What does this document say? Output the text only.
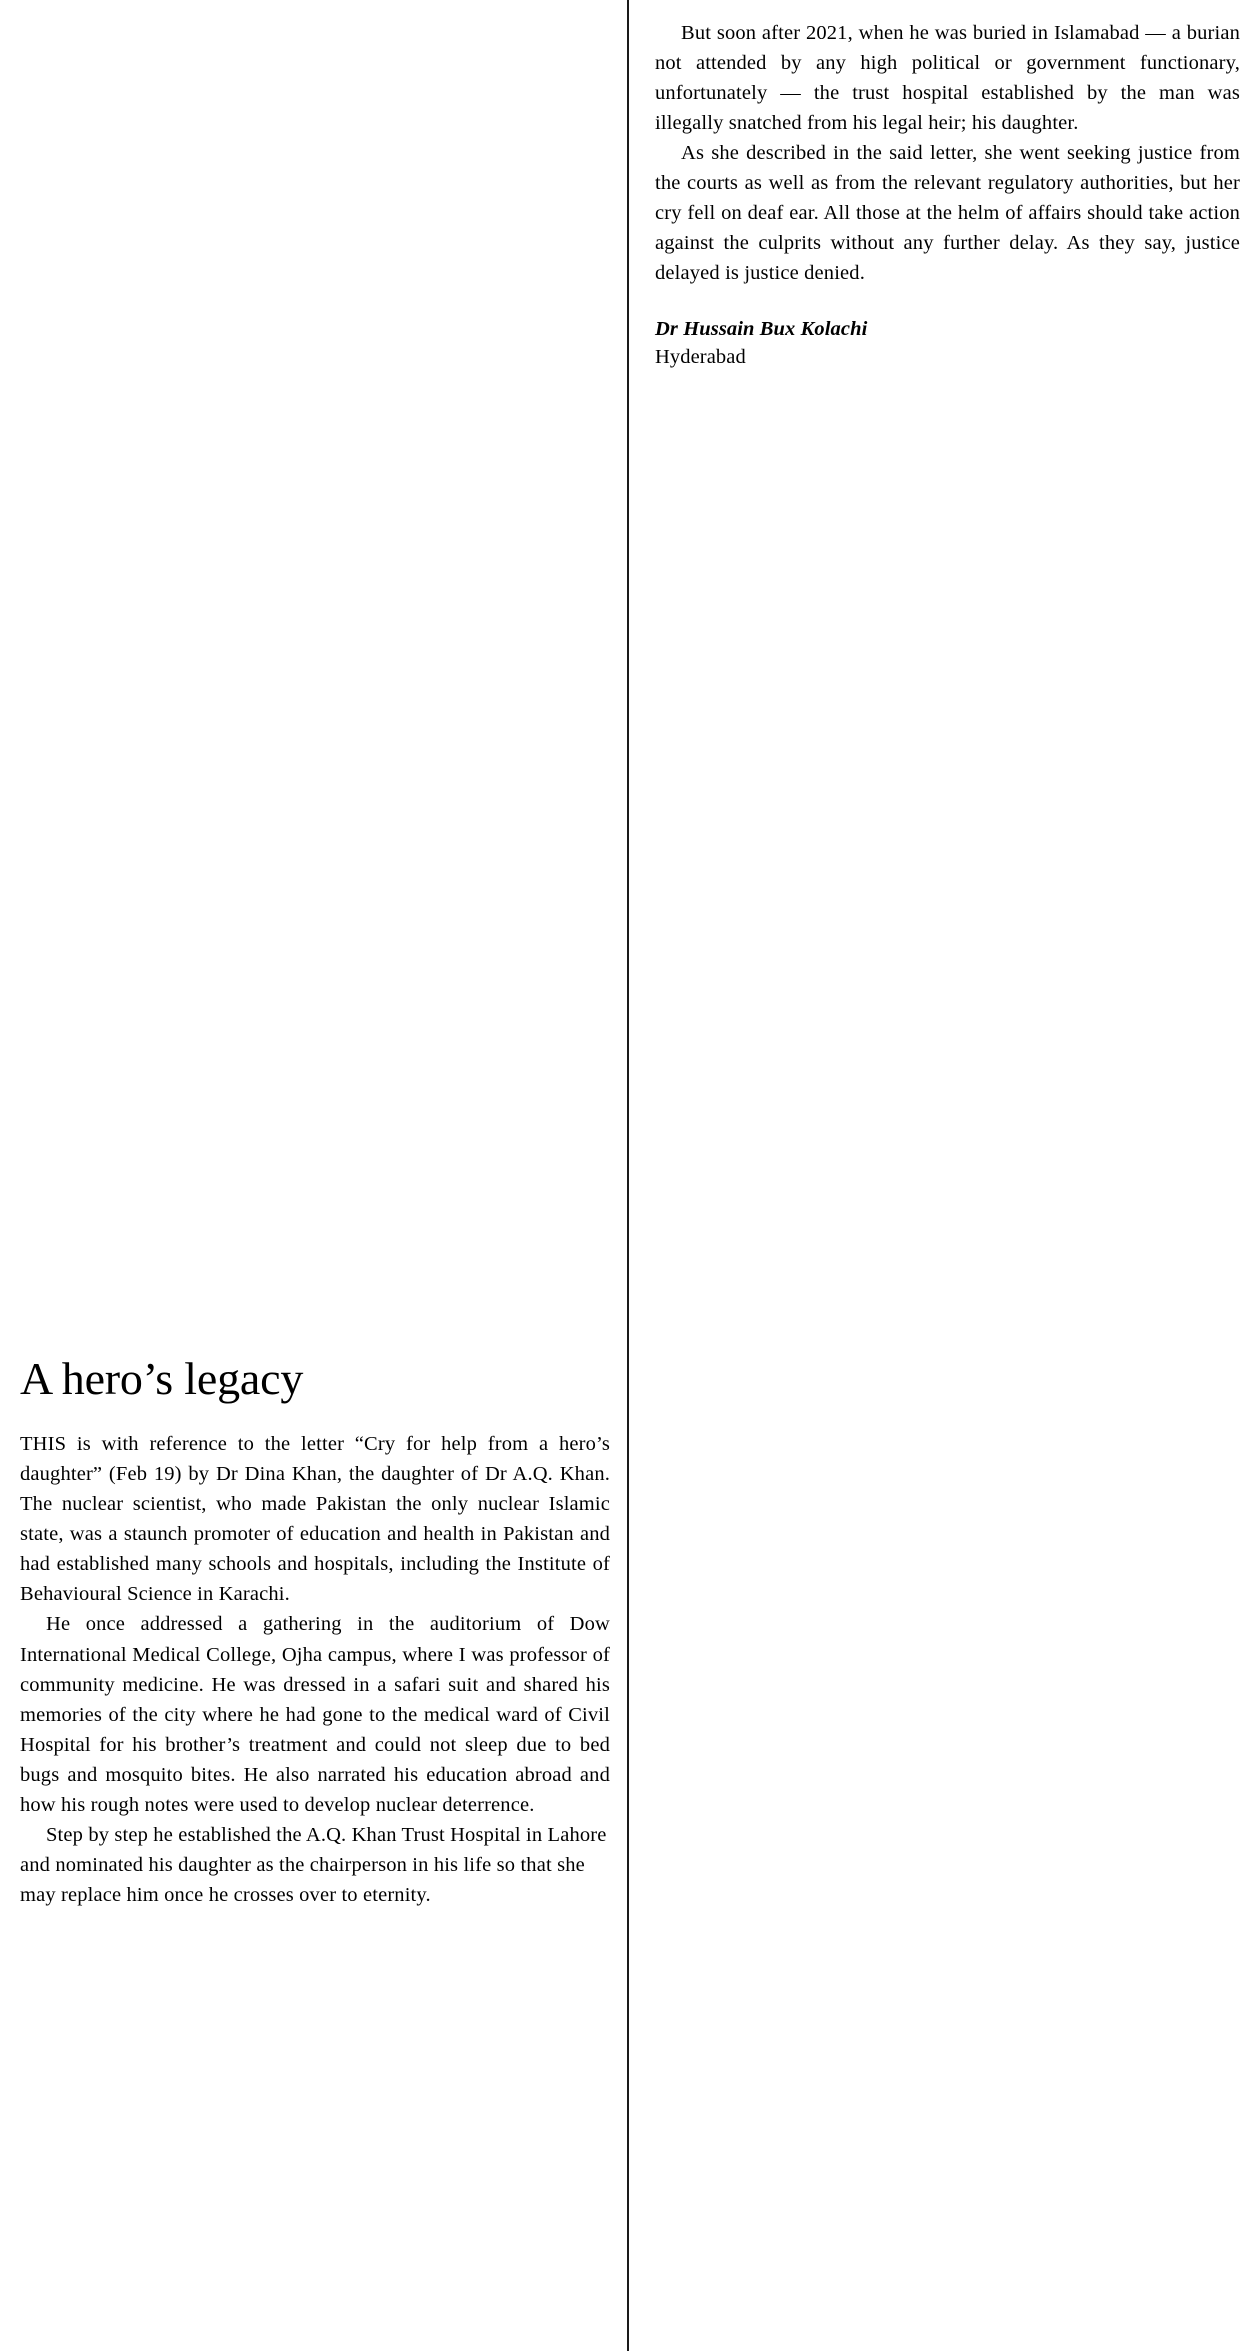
But soon after 2021, when he was buried in Islamabad — a burian not attended by any high political or government functionary, unfortunately — the trust hospital established by the man was illegally snatched from his legal heir; his daughter.

As she described in the said letter, she went seeking justice from the courts as well as from the relevant regulatory authorities, but her cry fell on deaf ear. All those at the helm of affairs should take action against the culprits without any further delay. As they say, justice delayed is justice denied.

Dr Hussain Bux Kolachi
Hyderabad
A hero’s legacy

THIS is with reference to the letter “Cry for help from a hero’s daughter” (Feb 19) by Dr Dina Khan, the daughter of Dr A.Q. Khan. The nuclear scientist, who made Pakistan the only nuclear Islamic state, was a staunch promoter of education and health in Pakistan and had established many schools and hospitals, including the Institute of Behavioural Science in Karachi.

He once addressed a gathering in the auditorium of Dow International Medical College, Ojha campus, where I was professor of community medicine. He was dressed in a safari suit and shared his memories of the city where he had gone to the medical ward of Civil Hospital for his brother’s treatment and could not sleep due to bed bugs and mosquito bites. He also narrated his education abroad and how his rough notes were used to develop nuclear deterrence.

Step by step he established the A.Q. Khan Trust Hospital in Lahore and nominated his daughter as the chairperson in his life so that she may replace him once he crosses over to eternity.
